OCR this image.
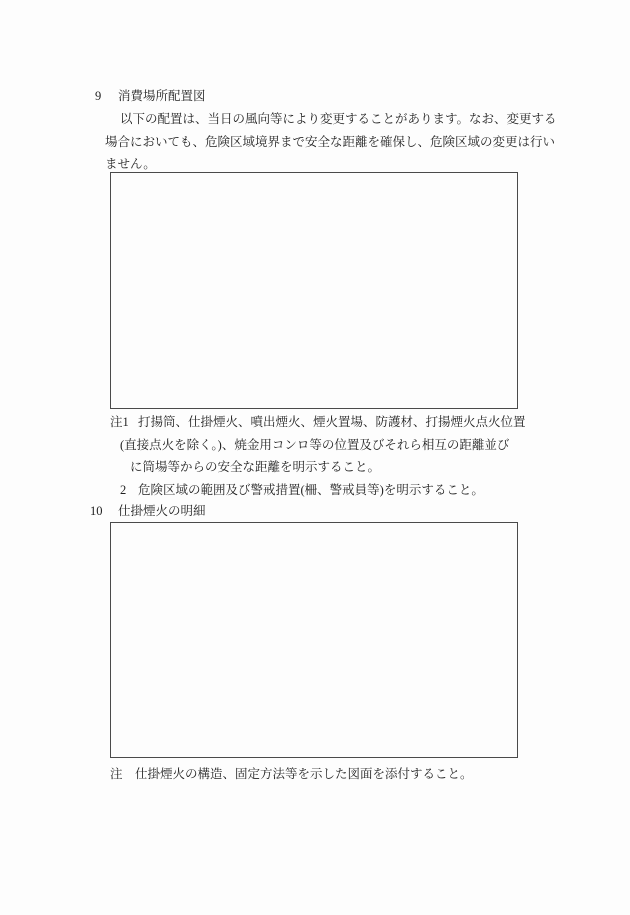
9 消費場所配置図
以下の配置は、当日の風向等により変更することがあります。なお、変更する
場合においても、危険区域境界まで安全な距離を確保し、危険区域の変更は行い
ません。
注1 打揚筒、仕掛煙火、噴出煙火、煙火置場、防護材、打揚煙火点火位置
(直接点火を除く。)、焼金用コンロ等の位置及びそれら相互の距離並び
に筒場等からの安全な距離を明示すること。
2 危険区域の範囲及び警戒措置(柵、警戒員等)を明示すること。
10 仕掛煙火の明細
注 仕掛煙火の構造、固定方法等を示した図面を添付すること。
